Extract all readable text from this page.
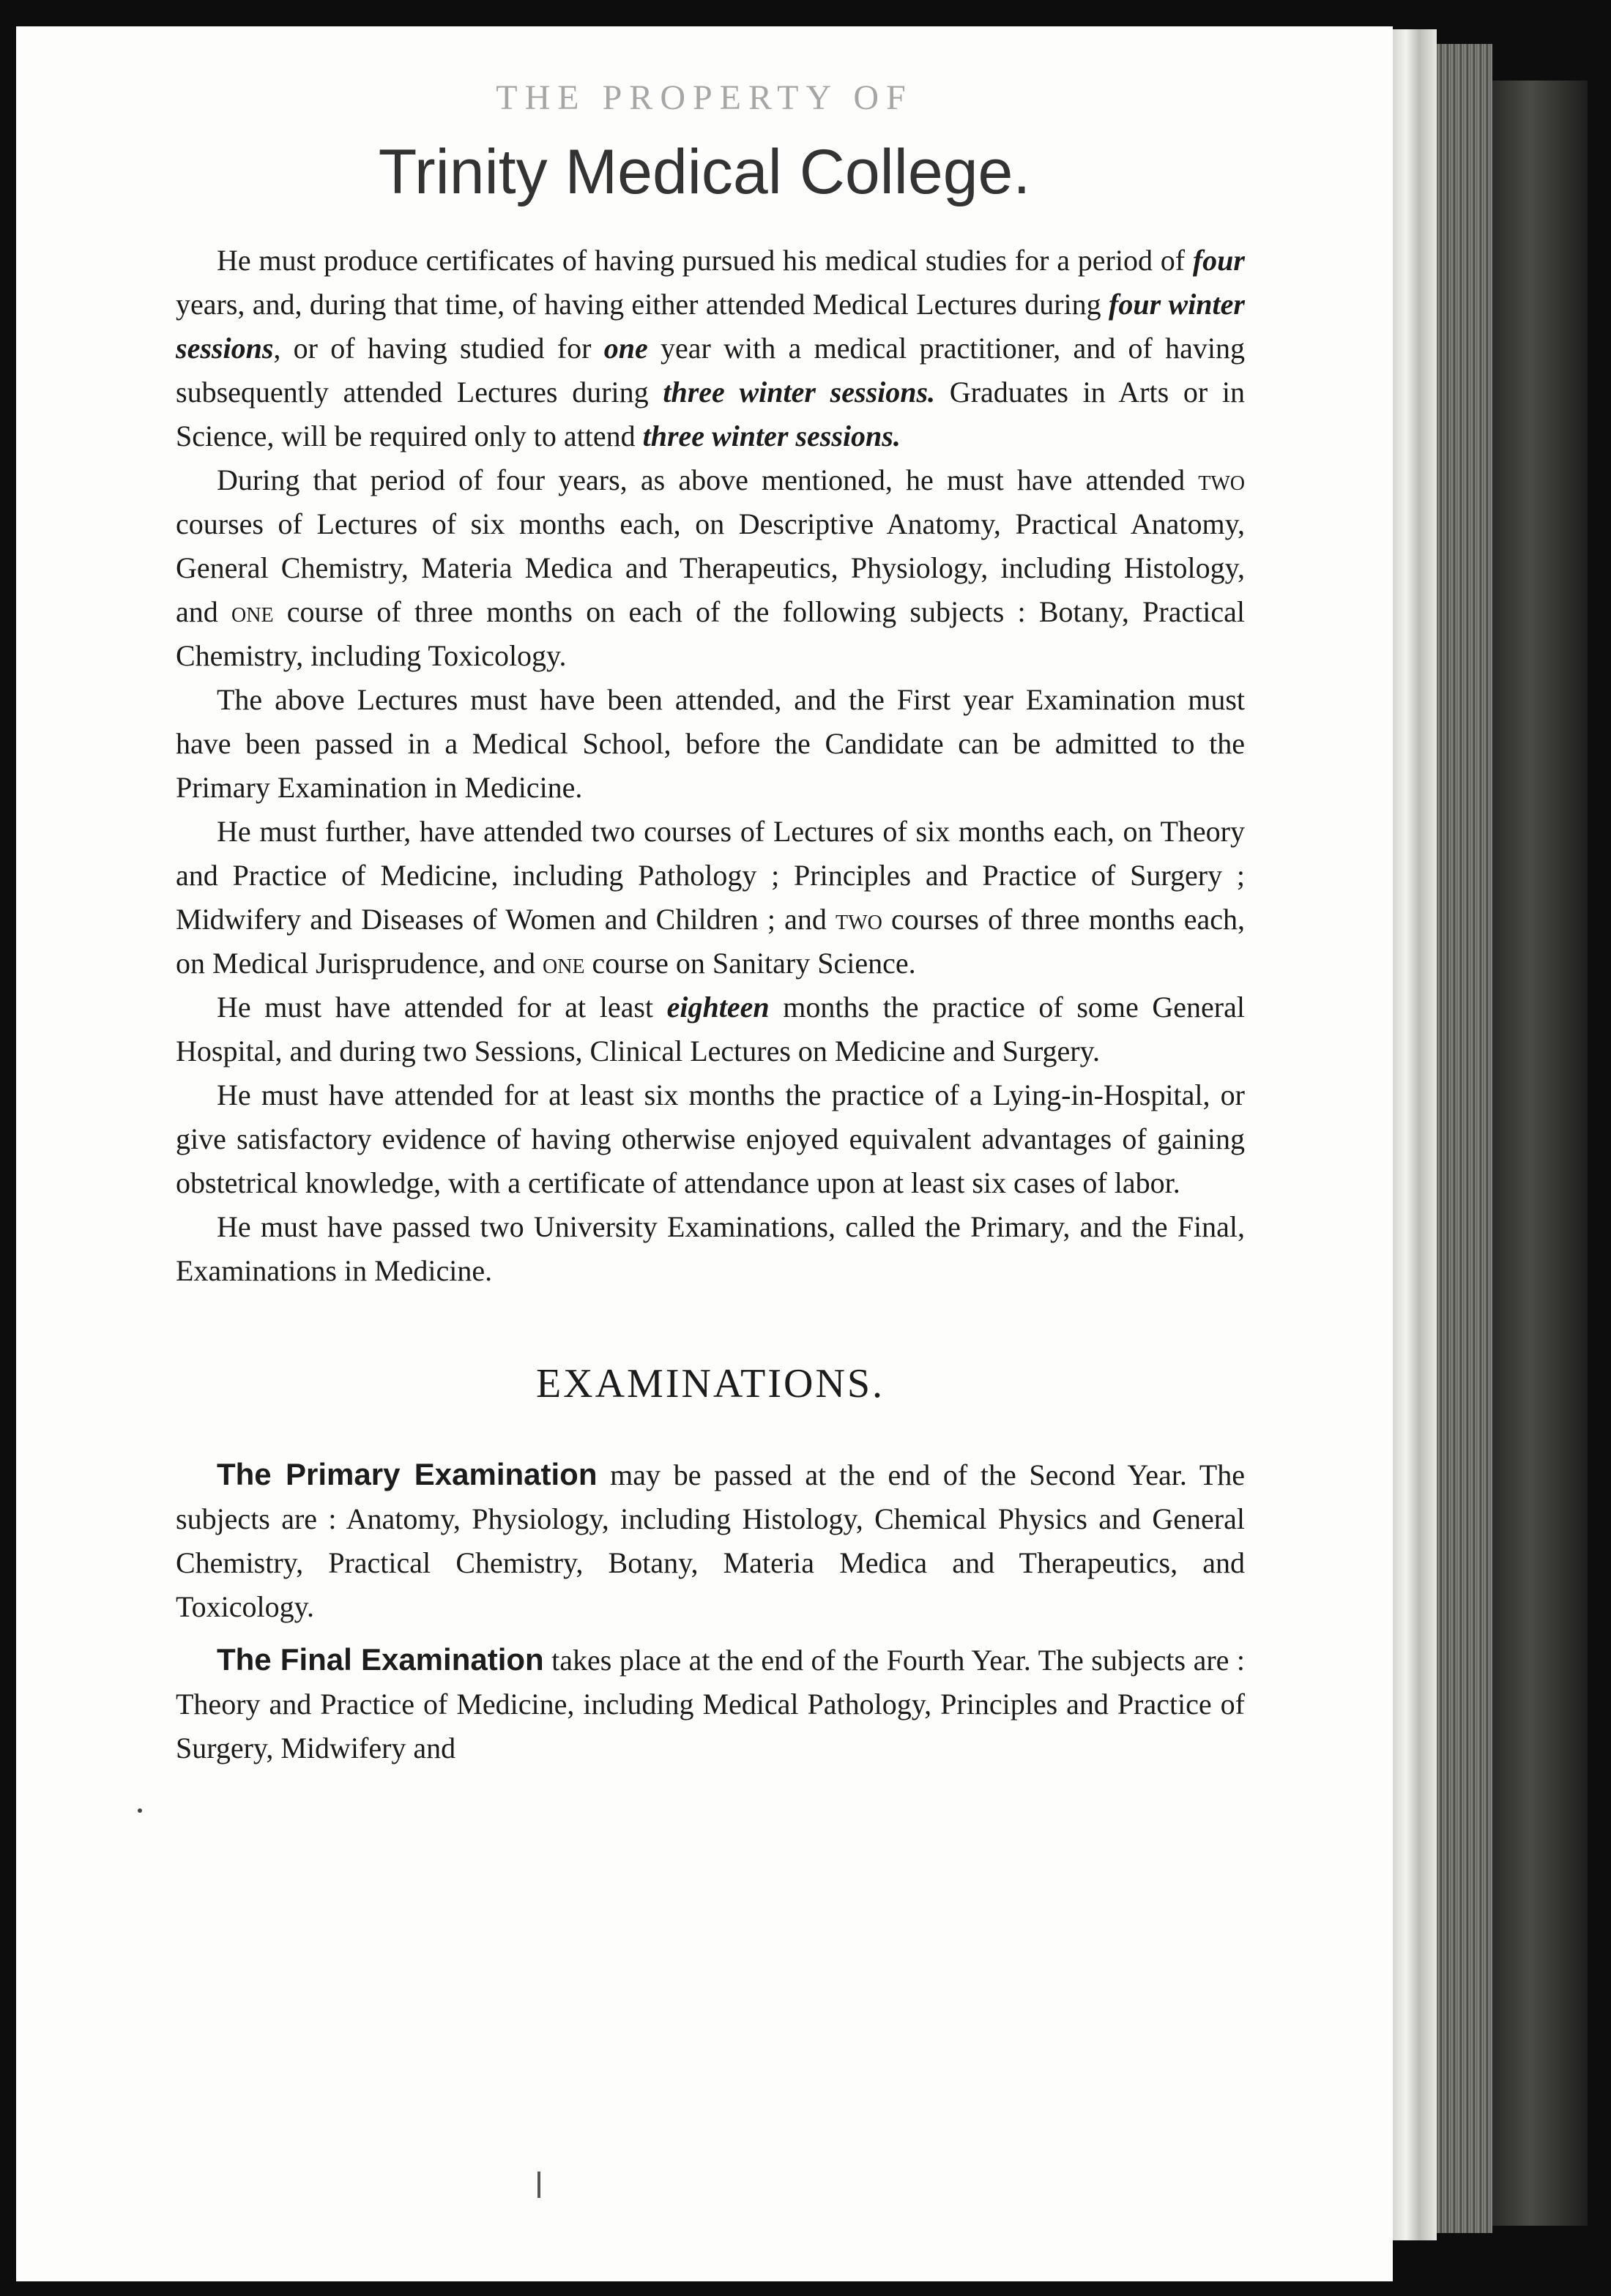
THE PROPERTY OF
Trinity Medical College.

He must produce certificates of having pursued his medical studies for a period of four years, and, during that time, of having either attended Medical Lectures during four winter sessions, or of having studied for one year with a medical practitioner, and of having subsequently attended Lectures during three winter sessions. Graduates in Arts or in Science, will be required only to attend three winter sessions.

During that period of four years, as above mentioned, he must have attended two courses of Lectures of six months each, on Descriptive Anatomy, Practical Anatomy, General Chemistry, Materia Medica and Therapeutics, Physiology, including Histology, and one course of three months on each of the following subjects : Botany, Practical Chemistry, including Toxicology.

The above Lectures must have been attended, and the First year Examination must have been passed in a Medical School, before the Candidate can be admitted to the Primary Examination in Medicine.

He must further, have attended two courses of Lectures of six months each, on Theory and Practice of Medicine, including Pathology ; Principles and Practice of Surgery ; Midwifery and Diseases of Women and Children ; and two courses of three months each, on Medical Jurisprudence, and one course on Sanitary Science.

He must have attended for at least eighteen months the practice of some General Hospital, and during two Sessions, Clinical Lectures on Medicine and Surgery.

He must have attended for at least six months the practice of a Lying-in-Hospital, or give satisfactory evidence of having otherwise enjoyed equivalent advantages of gaining obstetrical knowledge, with a certificate of attendance upon at least six cases of labor.

He must have passed two University Examinations, called the Primary, and the Final, Examinations in Medicine.

EXAMINATIONS.

The Primary Examination may be passed at the end of the Second Year. The subjects are : Anatomy, Physiology, including Histology, Chemical Physics and General Chemistry, Practical Chemistry, Botany, Materia Medica and Therapeutics, and Toxicology.

The Final Examination takes place at the end of the Fourth Year. The subjects are : Theory and Practice of Medicine, including Medical Pathology, Principles and Practice of Surgery, Midwifery and
